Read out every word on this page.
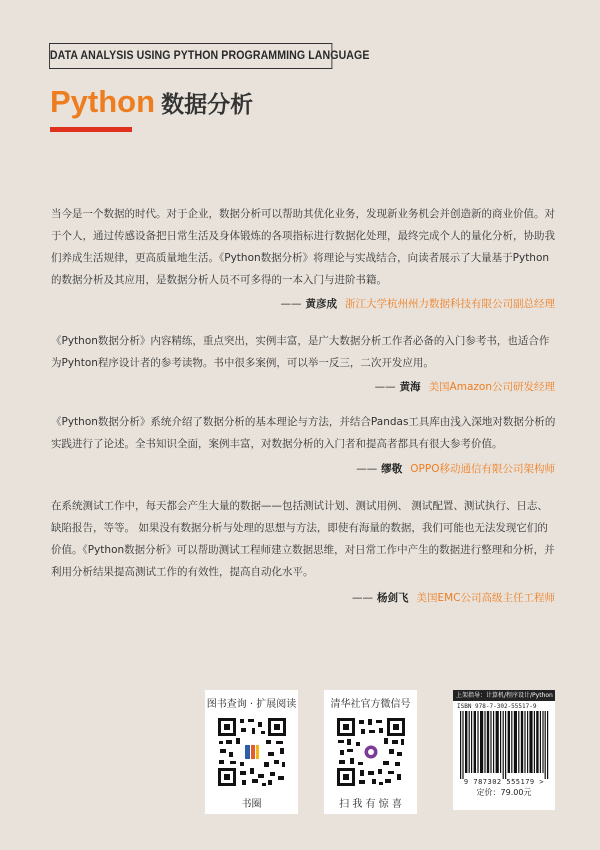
DATA ANALYSIS USING PYTHON PROGRAMMING LANGUAGE
Python 数据分析

当今是一个数据的时代。对于企业，数据分析可以帮助其优化业务，发现新业务机会并创造新的商业价值。对于个人，通过传感设备把日常生活及身体锻炼的各项指标进行数据化处理，最终完成个人的量化分析，协助我们养成生活规律，更高质量地生活。《Python数据分析》将理论与实战结合，向读者展示了大量基于Python的数据分析及其应用，是数据分析人员不可多得的一本入门与进阶书籍。

—— 黄彦成 浙江大学杭州州力数据科技有限公司副总经理

《Python数据分析》内容精练，重点突出，实例丰富，是广大数据分析工作者必备的入门参考书，也适合作为Pyhton程序设计者的参考读物。书中很多案例，可以举一反三，二次开发应用。

—— 黄海 美国Amazon公司研发经理

《Python数据分析》系统介绍了数据分析的基本理论与方法，并结合Pandas工具库由浅入深地对数据分析的实践进行了论述。全书知识全面，案例丰富，对数据分析的入门者和提高者都具有很大参考价值。

—— 缪敬 OPPO移动通信有限公司架构师

在系统测试工作中，每天都会产生大量的数据——包括测试计划、测试用例、 测试配置、测试执行、日志、缺陷报告，等等。 如果没有数据分析与处理的思想与方法，即使有海量的数据，我们可能也无法发现它们的价值。《Python数据分析》可以帮助测试工程师建立数据思维，对日常工作中产生的数据进行整理和分析，并利用分析结果提高测试工作的有效性，提高自动化水平。

—— 杨剑飞 美国EMC公司高级主任工程师
图书查询 · 扩展阅读
书圈
清华社官方微信号
扫 我 有 惊 喜
上架指导：计算机/程序设计/Python
ISBN 978-7-302-55517-9
9 787302 555179 >
定价：79.00元
